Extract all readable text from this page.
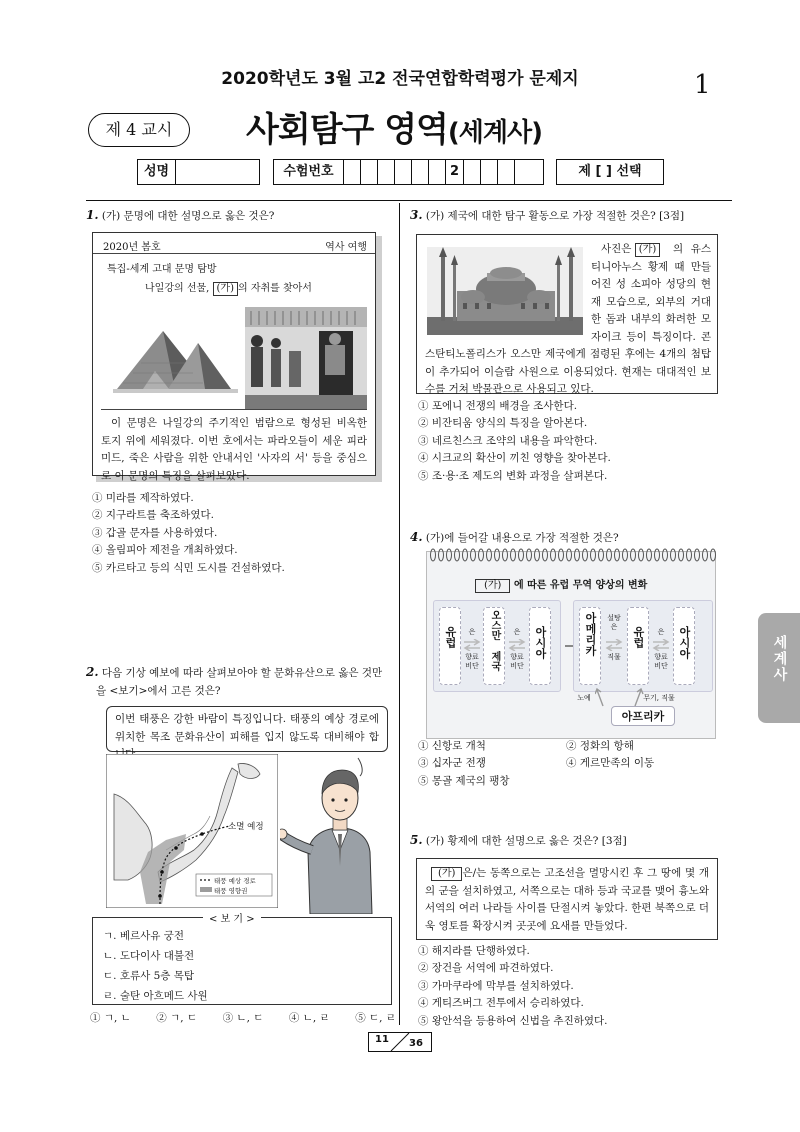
2020학년도 3월 고2 전국연합학력평가 문제지	1
제 4 교시	사회탐구 영역(세계사)
성명	수험번호	2	제 [ ] 선택
1. (가) 문명에 대한 설명으로 옳은 것은?
2020년 봄호	역사 여행
특집-세계 고대 문명 탐방
나일강의 선물, (가) 의 자취를 찾아서
이 문명은 나일강의 주기적인 범람으로 형성된 비옥한 토지 위에 세워졌다. 이번 호에서는 파라오들이 세운 피라미드, 죽은 사람을 위한 안내서인 '사자의 서' 등을 중심으로 이 문명의 특징을 살펴보았다.
① 미라를 제작하였다.
② 지구라트를 축조하였다.
③ 갑골 문자를 사용하였다.
④ 올림피아 제전을 개최하였다.
⑤ 카르타고 등의 식민 도시를 건설하였다.
2. 다음 기상 예보에 따라 살펴보아야 할 문화유산으로 옳은 것만
을 <보기>에서 고른 것은?
이번 태풍은 강한 바람이 특징입니다. 태풍의 예상 경로에 위치한 목조 문화유산이 피해를 입지 않도록 대비해야 합
소멸 예정
태풍 예상 경로
태풍 영향권
< 보 기 >
ㄱ. 베르사유 궁전
ㄴ. 도다이사 대불전
ㄷ. 호류사 5층 목탑
ㄹ. 술탄 아흐메드 사원
① ㄱ, ㄴ ② ㄱ, ㄷ ③ ㄴ, ㄷ ④ ㄴ, ㄹ ⑤ ㄷ, ㄹ
3. (가) 제국에 대한 탐구 활동으로 가장 적절한 것은? [3점]
사진은 (가)	의 유스티니아누스 황제 때 만들어진 성 소피아 성당의 현재 모습으로, 외부의 거대한 돔과 내부의 화려한 모자이크 등이 특징이다. 콘스탄티노폴리스가 오스만 제국에게 점령된 후에는 4개의 첨탑이 추가되어 이슬람 사원으로 이용되었다. 현재는 대대적인 보수를 거쳐 박물관으로 사용되고 있다.
① 포에니 전쟁의 배경을 조사한다.
② 비잔티움 양식의 특징을 알아본다.
③ 네르친스크 조약의 내용을 파악한다.
④ 시크교의 확산이 끼친 영향을 찾아본다.
⑤ 조·용·조 제도의 변화 과정을 살펴본다.
4. (가)에 들어갈 내용으로 가장 적절한 것은?
(가) 에 따른 유럽 무역 양상의 변화
유럽	오스만 제국	아시아
은	은
향료 비단
향료 비단
아메리카	유럽	아시아
설탕 은
은
직물	향료 비단
노예	무기, 직물
아프리카
① 신항로 개척
③ 십자군 전쟁
⑤ 몽골 제국의 팽창
② 정화의 항해
④ 게르만족의 이동
5. (가) 황제에 대한 설명으로 옳은 것은? [3점]
(가) 은/는 동쪽으로는 고조선을 멸망시킨 후 그 땅에 몇 개의 군을 설치하였고, 서쪽으로는 대하 등과 국교를 맺어 흉노와 서역의 여러 나라들 사이를 단절시켜 놓았다. 한편 북쪽으로 더욱 영토를 확장시켜 곳곳에 요새를 만들었다.
① 해지라를 단행하였다.
② 장건을 서역에 파견하였다.
③ 가마쿠라에 막부를 설치하였다.
④ 게티즈버그 전투에서 승리하였다.
⑤ 왕안석을 등용하여 신법을 추진하였다.
세계사
11 36
